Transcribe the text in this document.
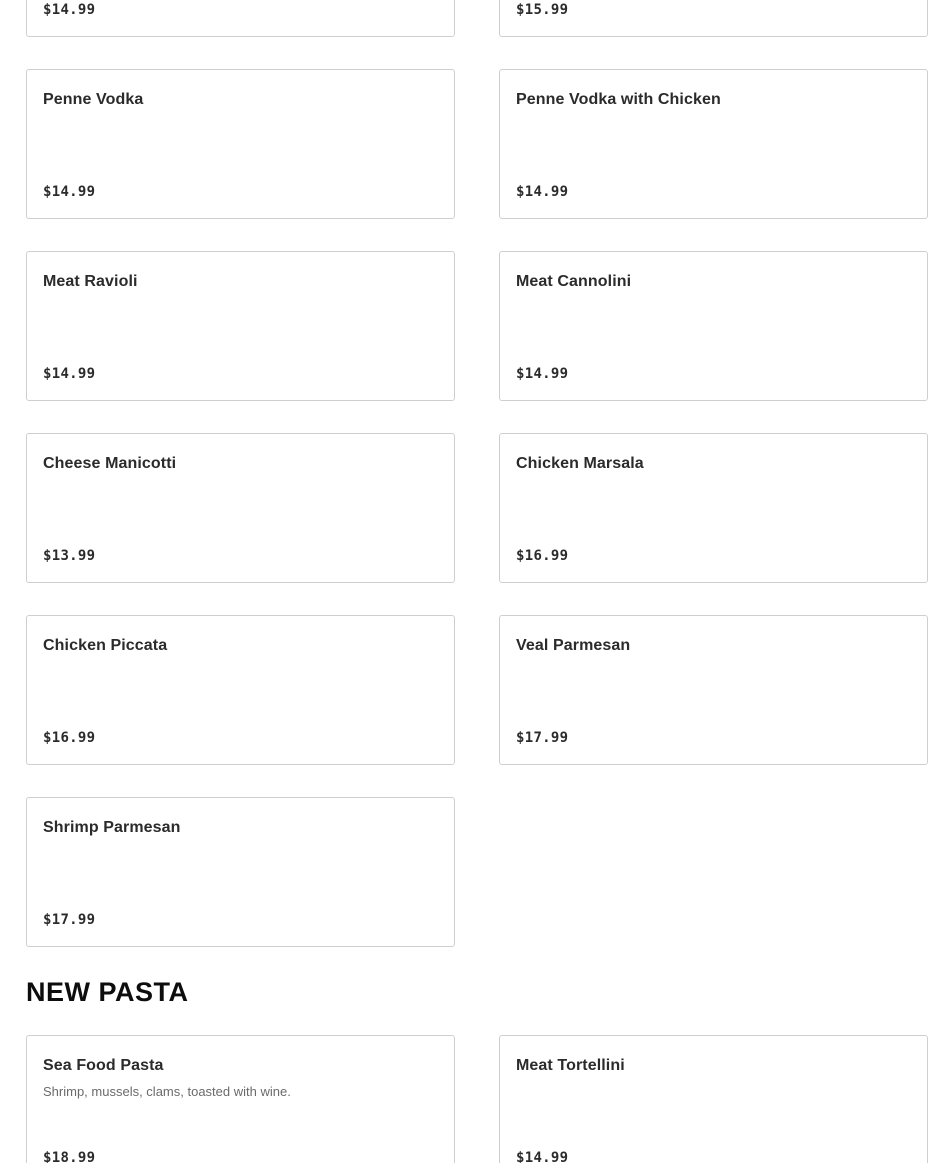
$14.99	$15.99
Penne Vodka
$14.99
Penne Vodka with Chicken
$14.99
Meat Ravioli
$14.99
Meat Cannolini
$14.99
Cheese Manicotti
$13.99
Chicken Marsala
$16.99
Chicken Piccata
$16.99
Veal Parmesan
$17.99
Shrimp Parmesan
$17.99
NEW PASTA
Sea Food Pasta
Shrimp, mussels, clams, toasted with wine.
$18.99
Meat Tortellini
$14.99
